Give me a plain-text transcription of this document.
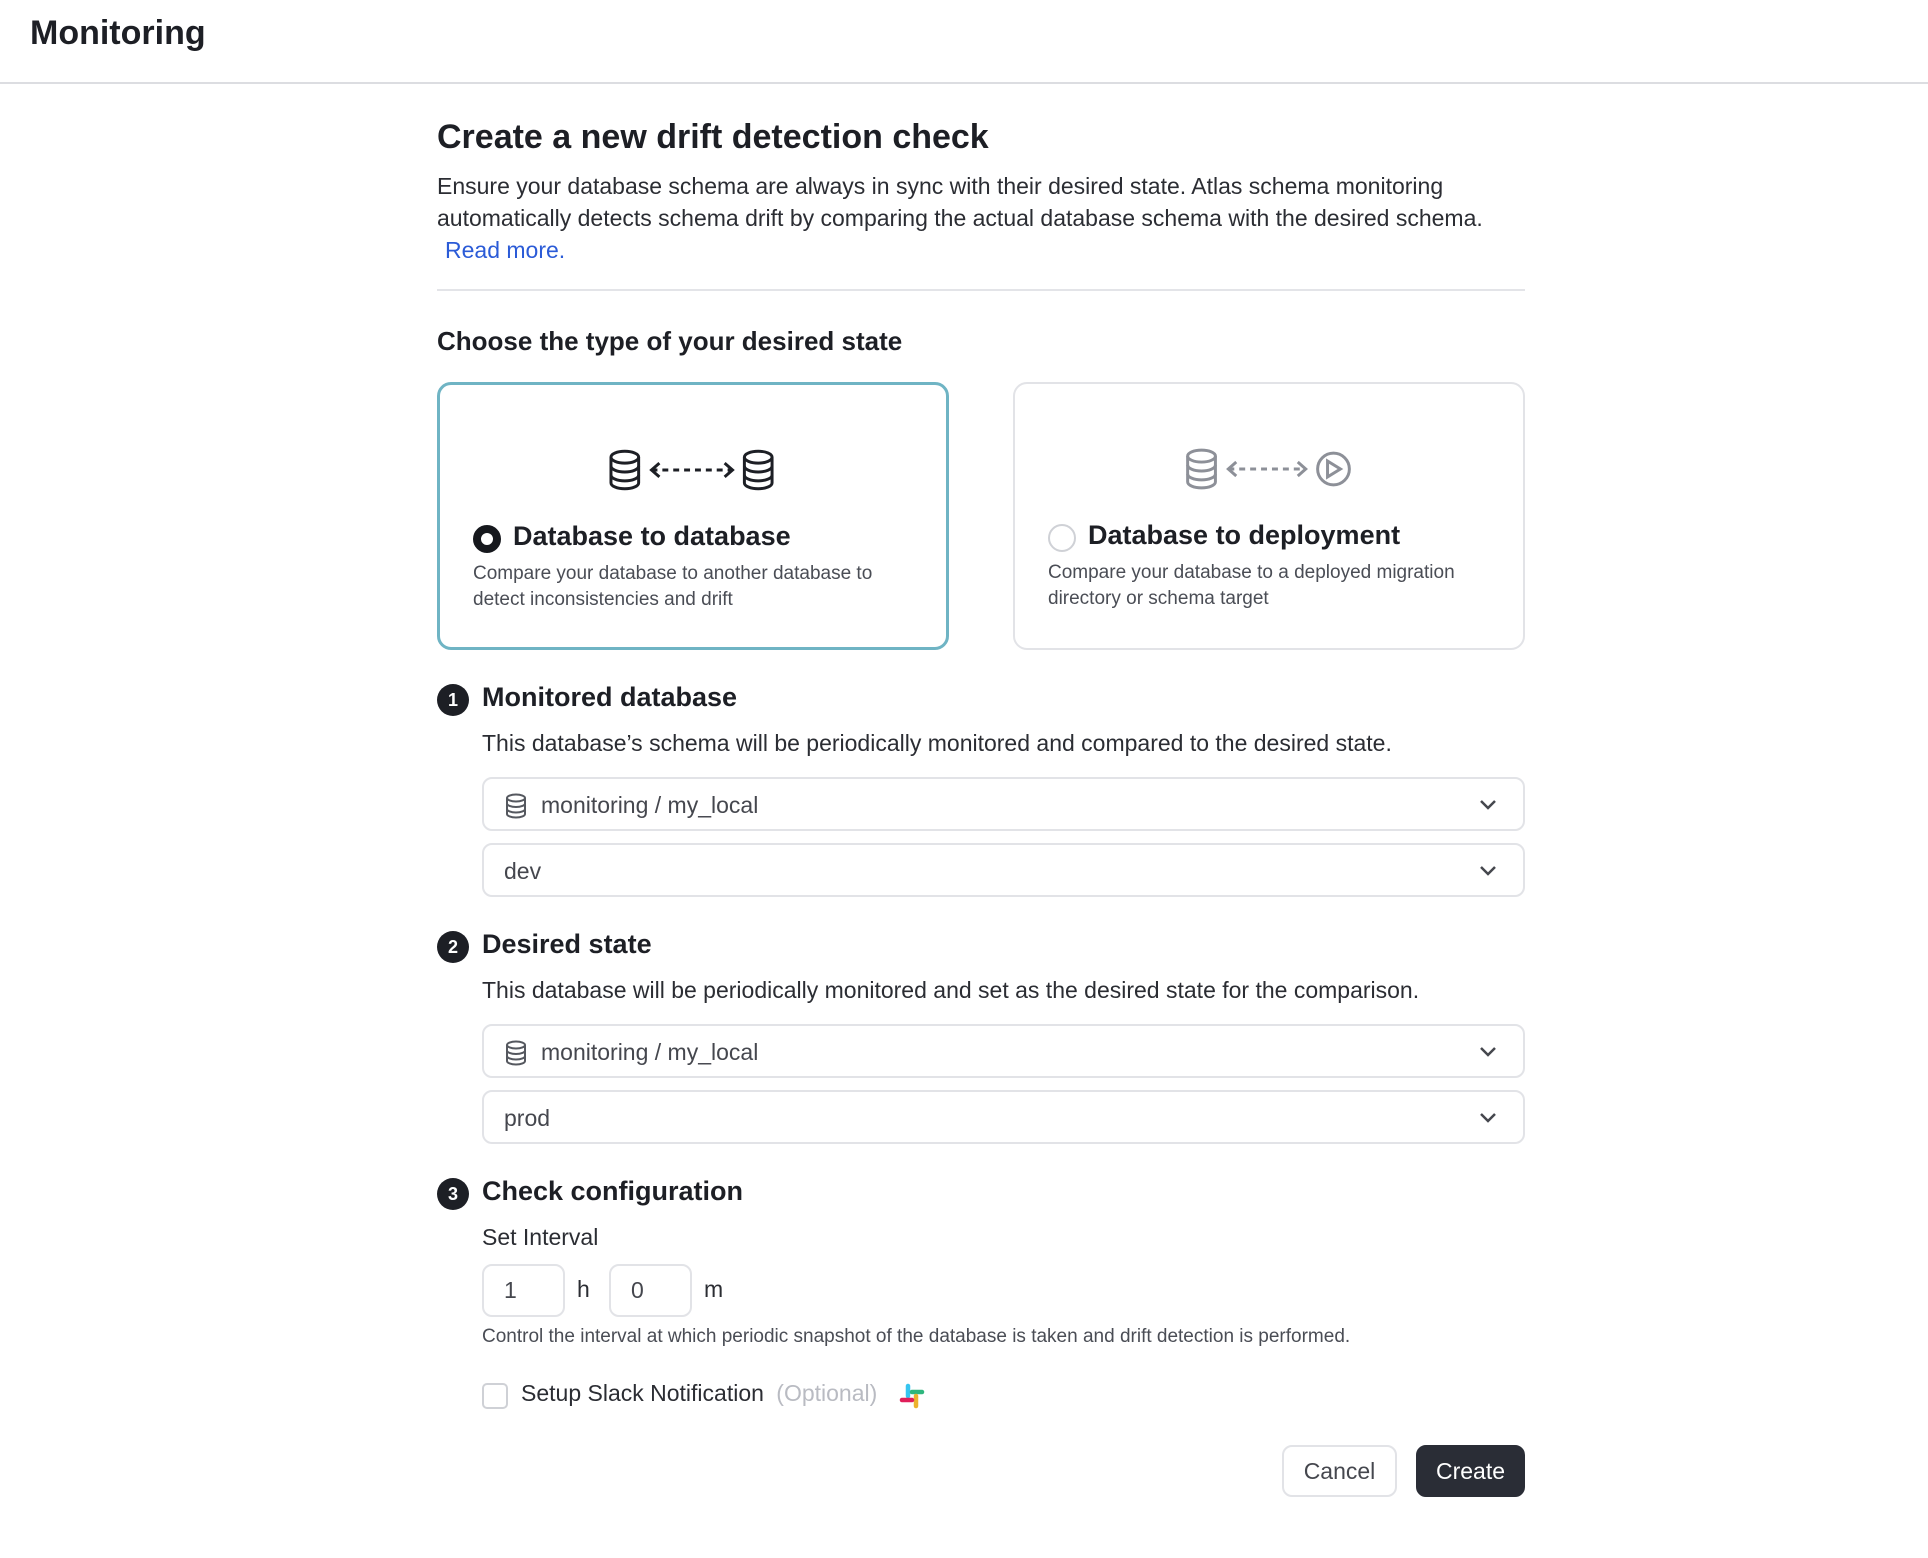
Monitoring
Create a new drift detection check
Ensure your database schema are always in sync with their desired state. Atlas schema monitoring automatically detects schema drift by comparing the actual database schema with the desired schema. Read more.
Choose the type of your desired state
Database to database
Compare your database to another database to detect inconsistencies and drift
Database to deployment
Compare your database to a deployed migration directory or schema target
1 Monitored database
This database’s schema will be periodically monitored and compared to the desired state.
monitoring / my_local
dev
2 Desired state
This database will be periodically monitored and set as the desired state for the comparison.
monitoring / my_local
prod
3 Check configuration
Set Interval
1	h	0	m
Control the interval at which periodic snapshot of the database is taken and drift detection is performed.
Setup Slack Notification (Optional)
Cancel	Create
